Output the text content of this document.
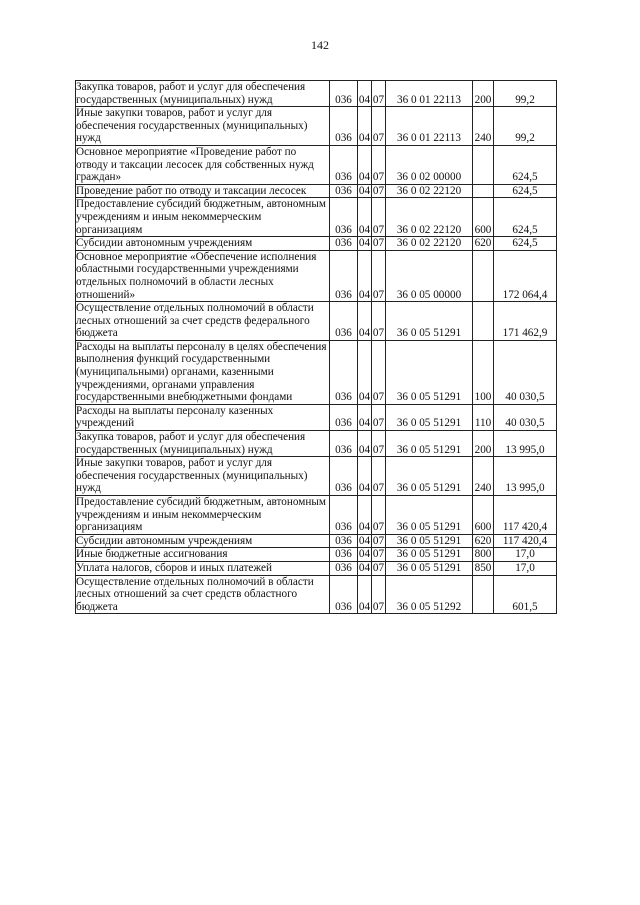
142
Закупка товаров, работ и услуг для обеспечения государственных (муниципальных) нужд	036	04	07	36 0 01 22113	200	99,2
Иные закупки товаров, работ и услуг для обеспечения государственных (муниципальных) нужд	036	04	07	36 0 01 22113	240	99,2
Основное мероприятие «Проведение работ по отводу и таксации лесосек для собственных нужд граждан»	036	04	07	36 0 02 00000		624,5
Проведение работ по отводу и таксации лесосек	036	04	07	36 0 02 22120		624,5
Предоставление субсидий бюджетным, автономным учреждениям и иным некоммерческим организациям	036	04	07	36 0 02 22120	600	624,5
Субсидии автономным учреждениям	036	04	07	36 0 02 22120	620	624,5
Основное мероприятие «Обеспечение исполнения областными государственными учреждениями отдельных полномочий в области лесных отношений»	036	04	07	36 0 05 00000		172 064,4
Осуществление отдельных полномочий в области лесных отношений за счет средств федерального бюджета	036	04	07	36 0 05 51291		171 462,9
Расходы на выплаты персоналу в целях обеспечения выполнения функций государственными (муниципальными) органами, казенными учреждениями, органами управления государственными внебюджетными фондами	036	04	07	36 0 05 51291	100	40 030,5
Расходы на выплаты персоналу казенных учреждений	036	04	07	36 0 05 51291	110	40 030,5
Закупка товаров, работ и услуг для обеспечения государственных (муниципальных) нужд	036	04	07	36 0 05 51291	200	13 995,0
Иные закупки товаров, работ и услуг для обеспечения государственных (муниципальных) нужд	036	04	07	36 0 05 51291	240	13 995,0
Предоставление субсидий бюджетным, автономным учреждениям и иным некоммерческим организациям	036	04	07	36 0 05 51291	600	117 420,4
Субсидии автономным учреждениям	036	04	07	36 0 05 51291	620	117 420,4
Иные бюджетные ассигнования	036	04	07	36 0 05 51291	800	17,0
Уплата налогов, сборов и иных платежей	036	04	07	36 0 05 51291	850	17,0
Осуществление отдельных полномочий в области лесных отношений за счет средств областного бюджета	036	04	07	36 0 05 51292		601,5
